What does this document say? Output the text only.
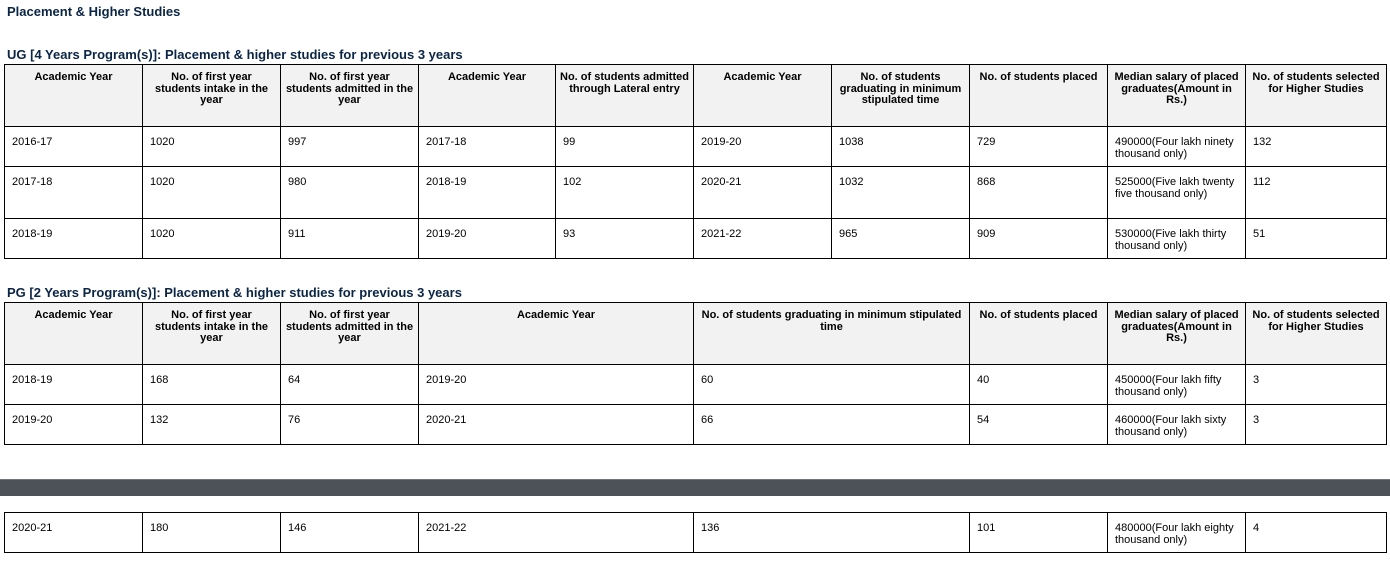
Placement & Higher Studies
UG [4 Years Program(s)]: Placement & higher studies for previous 3 years
Academic Year	No. of first year students intake in the year	No. of first year students admitted in the year	Academic Year	No. of students admitted through Lateral entry	Academic Year	No. of students graduating in minimum stipulated time	No. of students placed	Median salary of placed graduates(Amount in Rs.)	No. of students selected for Higher Studies
2016-17	1020	997	2017-18	99	2019-20	1038	729	490000(Four lakh ninety thousand only)	132
2017-18	1020	980	2018-19	102	2020-21	1032	868	525000(Five lakh twenty five thousand only)	112
2018-19	1020	911	2019-20	93	2021-22	965	909	530000(Five lakh thirty thousand only)	51
PG [2 Years Program(s)]: Placement & higher studies for previous 3 years
Academic Year	No. of first year students intake in the year	No. of first year students admitted in the year	Academic Year	No. of students graduating in minimum stipulated time	No. of students placed	Median salary of placed graduates(Amount in Rs.)	No. of students selected for Higher Studies
2018-19	168	64	2019-20	60	40	450000(Four lakh fifty thousand only)	3
2019-20	132	76	2020-21	66	54	460000(Four lakh sixty thousand only)	3
2020-21	180	146	2021-22	136	101	480000(Four lakh eighty thousand only)	4
